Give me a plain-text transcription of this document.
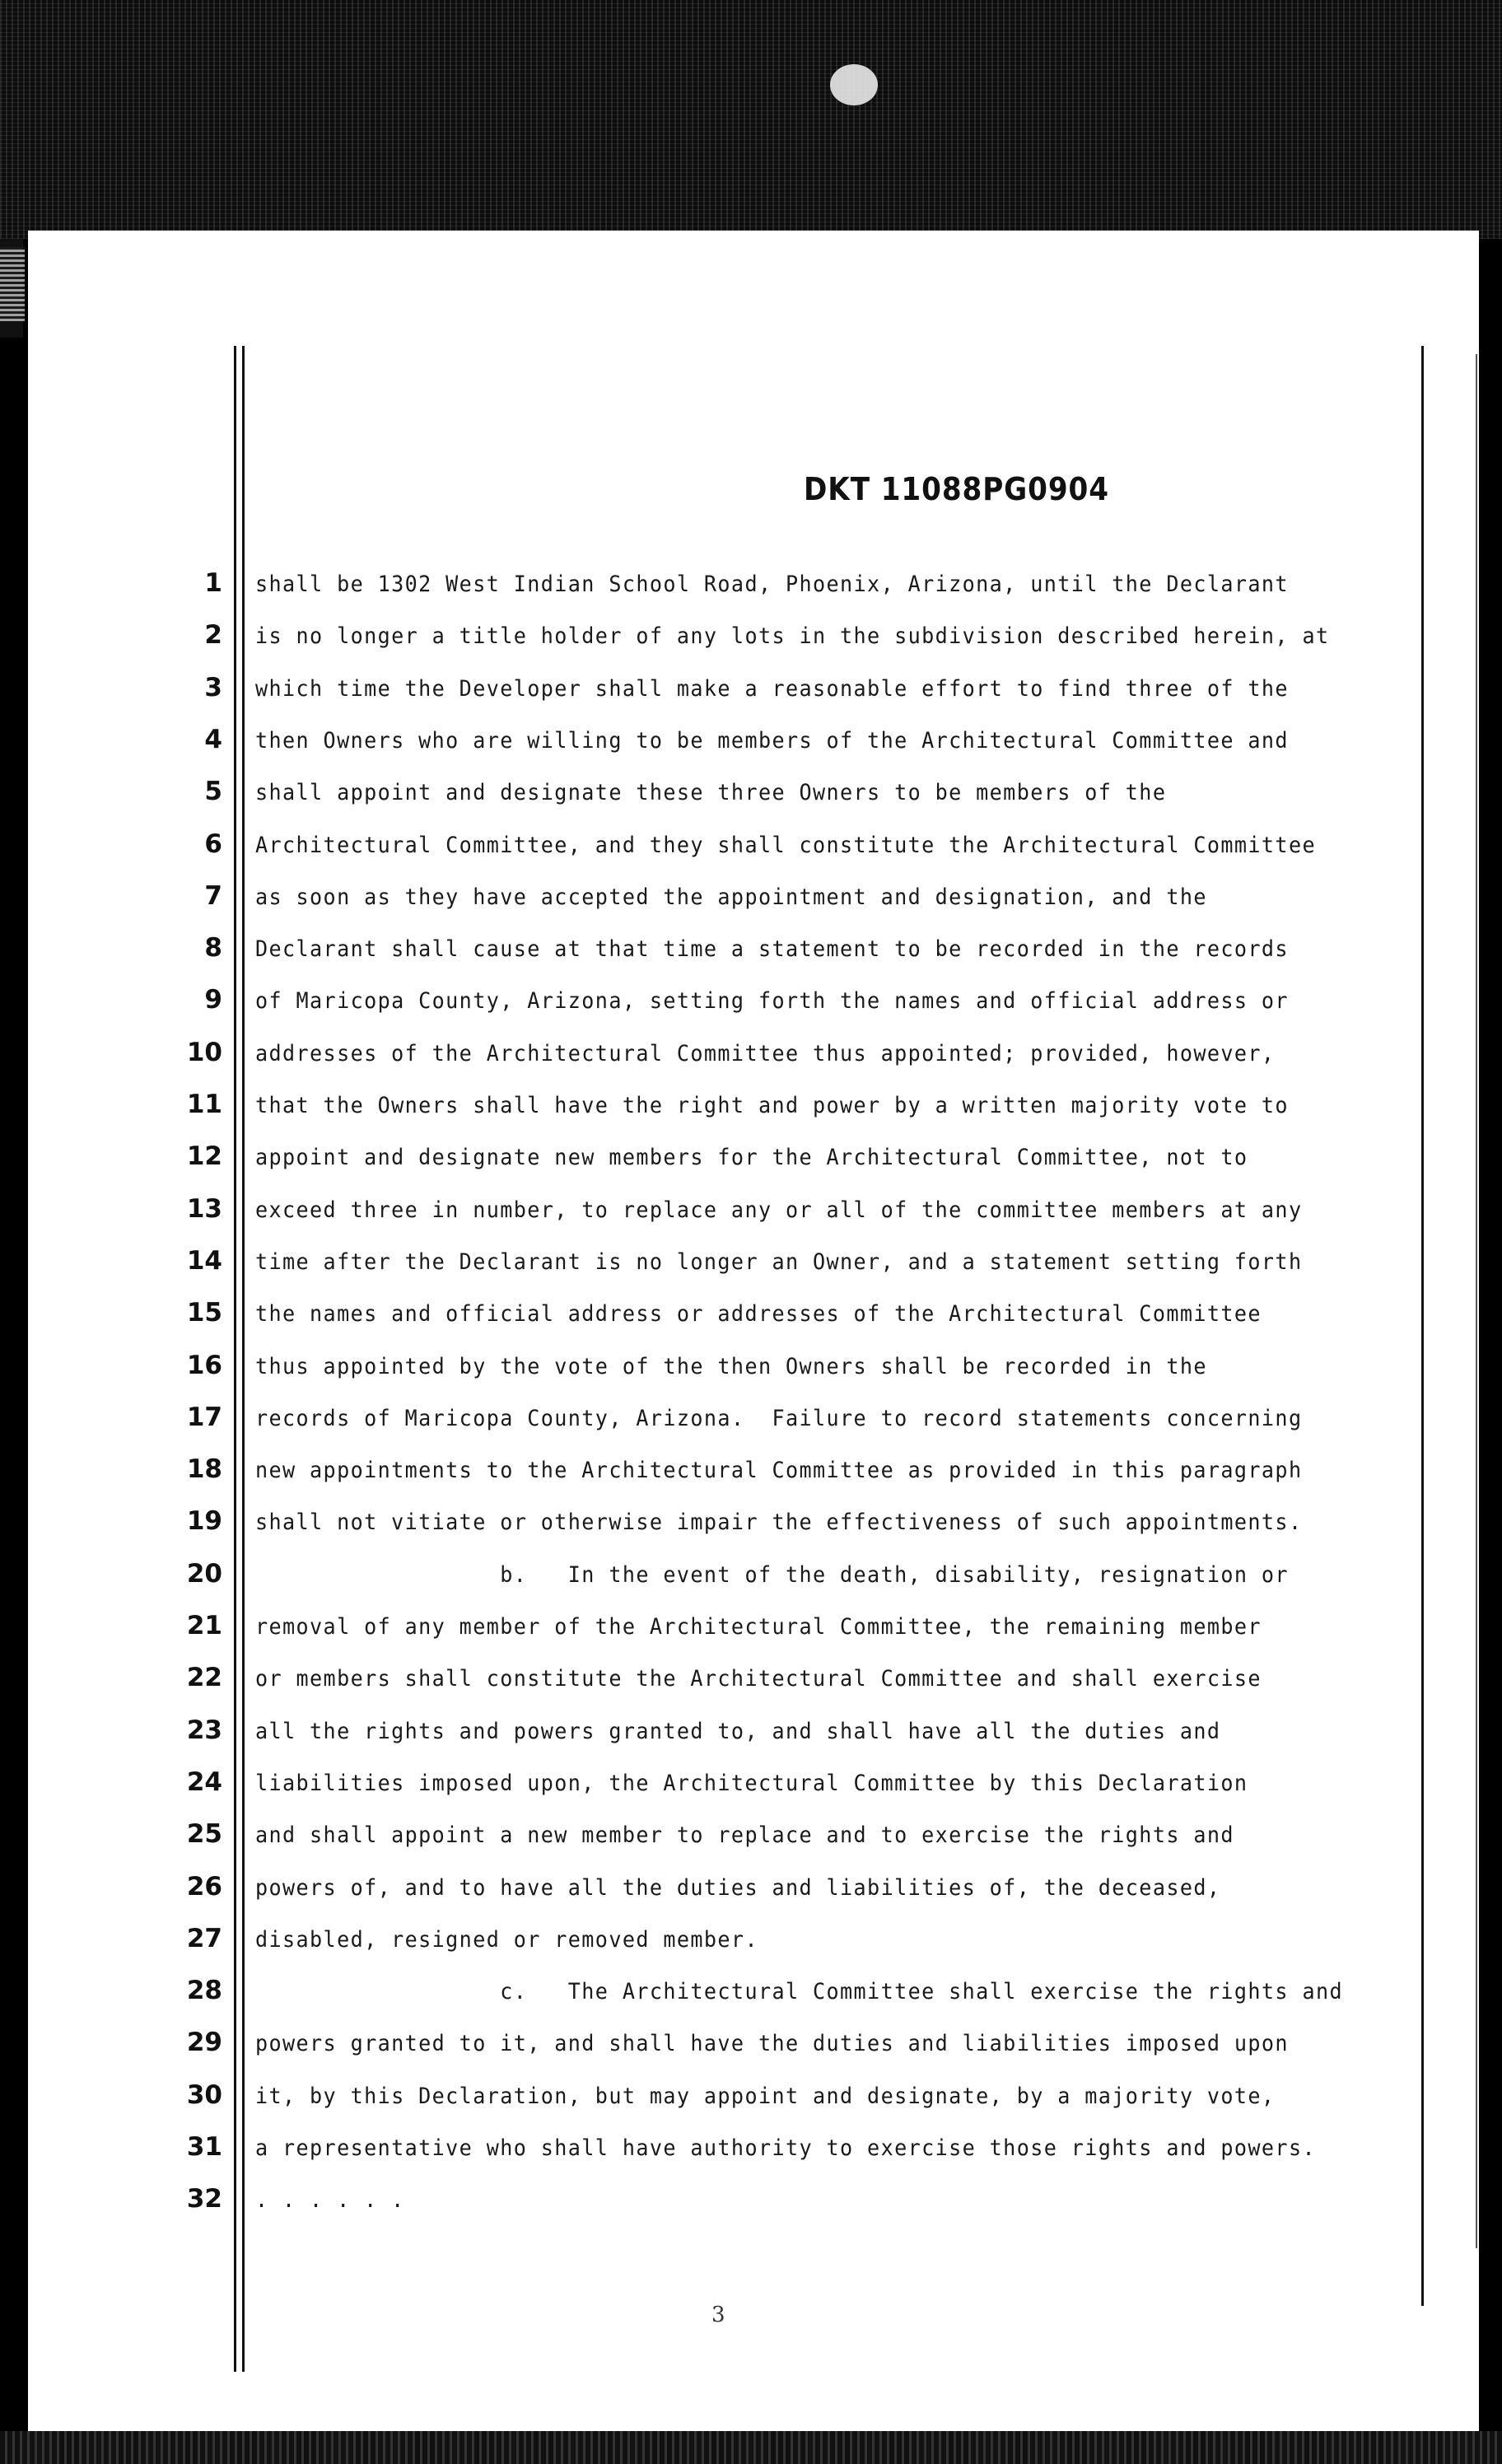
DKT 11088PG0904
1 shall be 1302 West Indian School Road, Phoenix, Arizona, until the Declarant
2 is no longer a title holder of any lots in the subdivision described herein, at
3 which time the Developer shall make a reasonable effort to find three of the
4 then Owners who are willing to be members of the Architectural Committee and
5 shall appoint and designate these three Owners to be members of the
6 Architectural Committee, and they shall constitute the Architectural Committee
7 as soon as they have accepted the appointment and designation, and the
8 Declarant shall cause at that time a statement to be recorded in the records
9 of Maricopa County, Arizona, setting forth the names and official address or
10 addresses of the Architectural Committee thus appointed; provided, however,
11 that the Owners shall have the right and power by a written majority vote to
12 appoint and designate new members for the Architectural Committee, not to
13 exceed three in number, to replace any or all of the committee members at any
14 time after the Declarant is no longer an Owner, and a statement setting forth
15 the names and official address or addresses of the Architectural Committee
16 thus appointed by the vote of the then Owners shall be recorded in the
17 records of Maricopa County, Arizona.  Failure to record statements concerning
18 new appointments to the Architectural Committee as provided in this paragraph
19 shall not vitiate or otherwise impair the effectiveness of such appointments.
20 b.   In the event of the death, disability, resignation or
21 removal of any member of the Architectural Committee, the remaining member
22 or members shall constitute the Architectural Committee and shall exercise
23 all the rights and powers granted to, and shall have all the duties and
24 liabilities imposed upon, the Architectural Committee by this Declaration
25 and shall appoint a new member to replace and to exercise the rights and
26 powers of, and to have all the duties and liabilities of, the deceased,
27 disabled, resigned or removed member.
28 c.   The Architectural Committee shall exercise the rights and
29 powers granted to it, and shall have the duties and liabilities imposed upon
30 it, by this Declaration, but may appoint and designate, by a majority vote,
31 a representative who shall have authority to exercise those rights and powers.
32 . . . . . .
3
